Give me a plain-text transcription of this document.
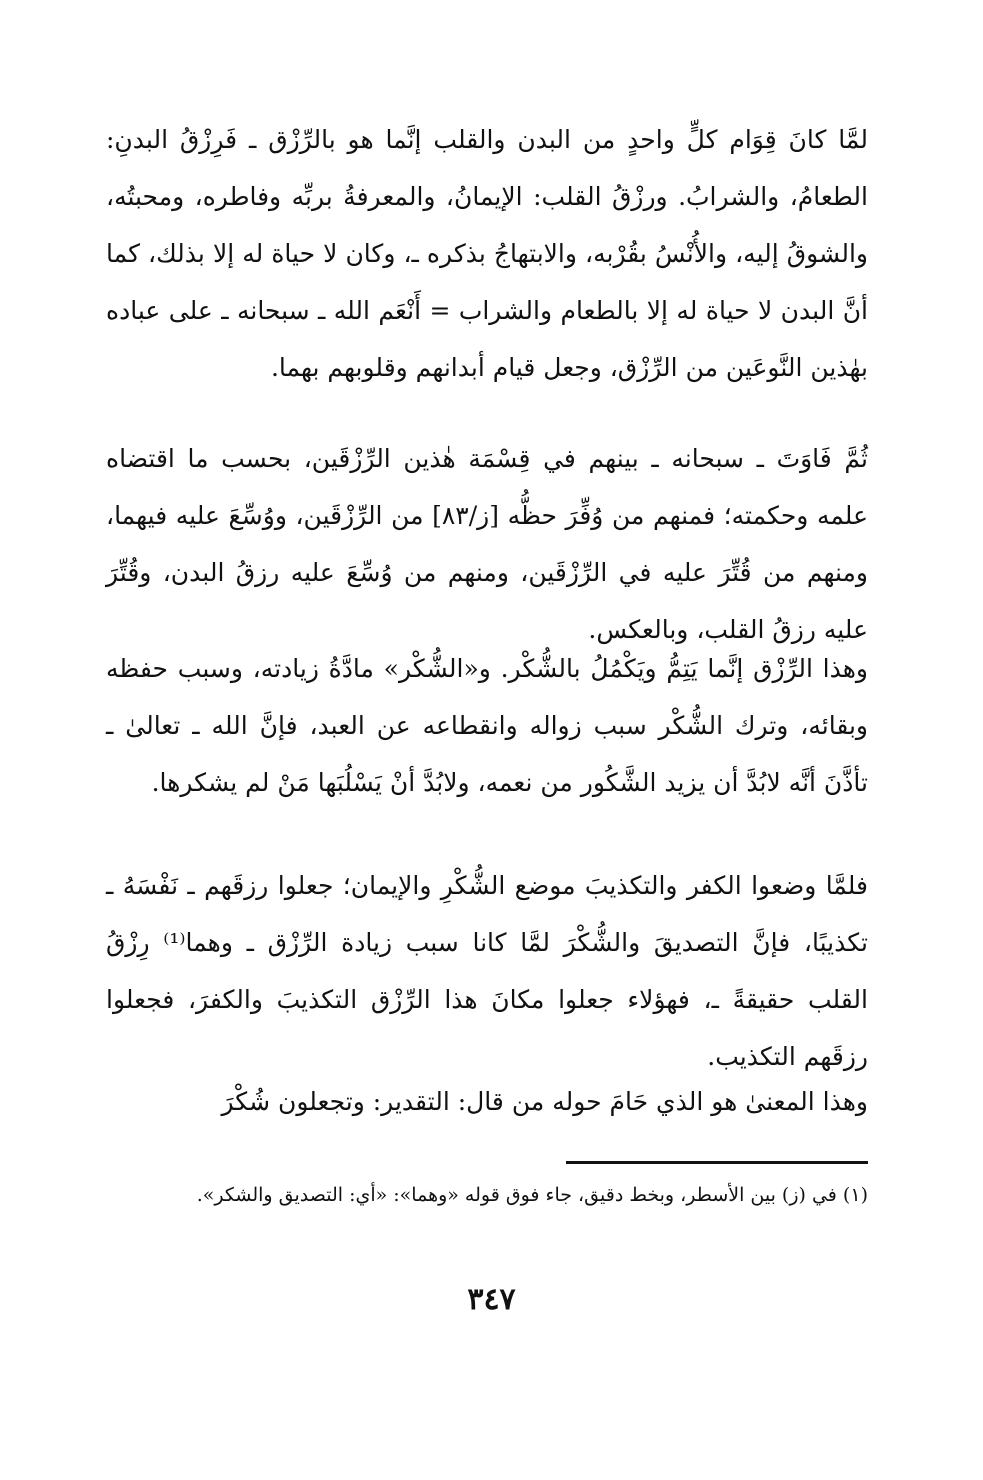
لمَّا كانَ قِوَام كلٍّ واحدٍ من البدن والقلب إنَّما هو بالرِّزْق ـ فَرِزْقُ البدنِ: الطعامُ، والشرابُ. ورزْقُ القلب: الإيمانُ، والمعرفةُ بربِّه وفاطره، ومحبتُه، والشوقُ إليه، والأُنْسُ بقُرْبه، والابتهاجُ بذكره ـ، وكان لا حياة له إلا بذلك، كما أنَّ البدن لا حياة له إلا بالطعام والشراب = أَنْعَم الله ـ سبحانه ـ على عباده بهٰذين النَّوعَين من الرِّزْق، وجعل قيام أبدانهم وقلوبهم بهما.

ثُمَّ فَاوَتَ ـ سبحانه ـ بينهم في قِسْمَة هٰذين الرِّزْقَين، بحسب ما اقتضاه علمه وحكمته؛ فمنهم من وُفِّرَ حظُّه [ز/٨٣] من الرِّزْقَين، ووُسِّعَ عليه فيهما، ومنهم من قُتِّرَ عليه في الرِّزْقَين، ومنهم من وُسِّعَ عليه رزقُ البدن، وقُتِّرَ عليه رزقُ القلب، وبالعكس.

وهذا الرِّزْق إنَّما يَتِمُّ ويَكْمُلُ بالشُّكْر. و«الشُّكْر» مادَّةُ زيادته، وسبب حفظه وبقائه، وترك الشُّكْر سبب زواله وانقطاعه عن العبد، فإنَّ الله ـ تعالىٰ ـ تأذَّنَ أنَّه لابُدَّ أن يزيد الشَّكُور من نعمه، ولابُدَّ أنْ يَسْلُبَها مَنْ لم يشكرها.

فلمَّا وضعوا الكفر والتكذيبَ موضع الشُّكْرِ والإيمان؛ جعلوا رزقَهم ـ نَفْسَهُ ـ تكذيبًا، فإنَّ التصديقَ والشُّكْرَ لمَّا كانا سبب زيادة الرِّزْق ـ وهما⁽¹⁾ رِزْقُ القلب حقيقةً ـ، فهؤلاء جعلوا مكانَ هذا الرِّزْق التكذيبَ والكفرَ، فجعلوا رزقَهم التكذيب.

وهذا المعنىٰ هو الذي حَامَ حوله من قال: التقدير: وتجعلون شُكْرَ

(١) في (ز) بين الأسطر، وبخط دقيق، جاء فوق قوله «وهما»: «أي: التصديق والشكر».

٣٤٧
